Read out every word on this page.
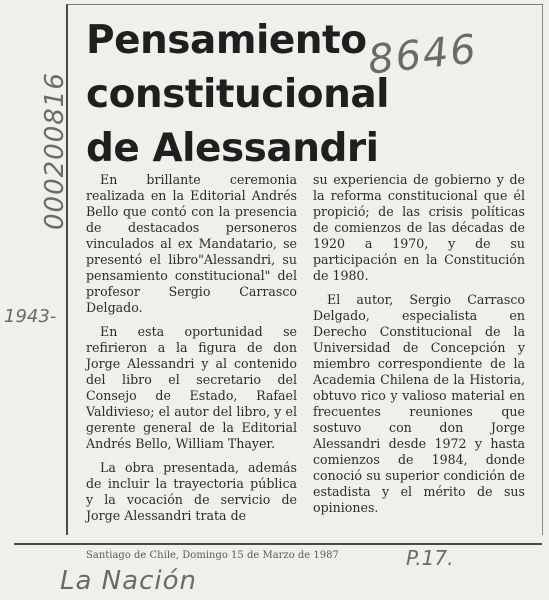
000200816
1943-
8646
Pensamiento constitucional de Alessandri

En brillante ceremonia realizada en la Editorial Andrés Bello que contó con la presencia de destacados personeros vinculados al ex Mandatario, se presentó el libro"Alessandri, su pensamiento constitucional" del profesor Sergio Carrasco Delgado.

En esta oportunidad se refirieron a la figura de don Jorge Alessandri y al contenido del libro el secretario del Consejo de Estado, Rafael Valdivieso; el autor del libro, y el gerente general de la Editorial Andrés Bello, William Thayer.

La obra presentada, además de incluir la trayectoria pública y la vocación de servicio de Jorge Alessandri trata de

su experiencia de gobierno y de la reforma constitucional que él propició; de las crisis políticas de comienzos de las décadas de 1920 a 1970, y de su participación en la Constitución de 1980.

El autor, Sergio Carrasco Delgado, especialista en Derecho Constitucional de la Universidad de Concepción y miembro correspondiente de la Academia Chilena de la Historia, obtuvo rico y valioso material en frecuentes reuniones que sostuvo con don Jorge Alessandri desde 1972 y hasta comienzos de 1984, donde conoció su superior condición de estadista y el mérito de sus opiniones.

Santiago de Chile, Domingo 15 de Marzo de 1987	P.17.
La Nación
